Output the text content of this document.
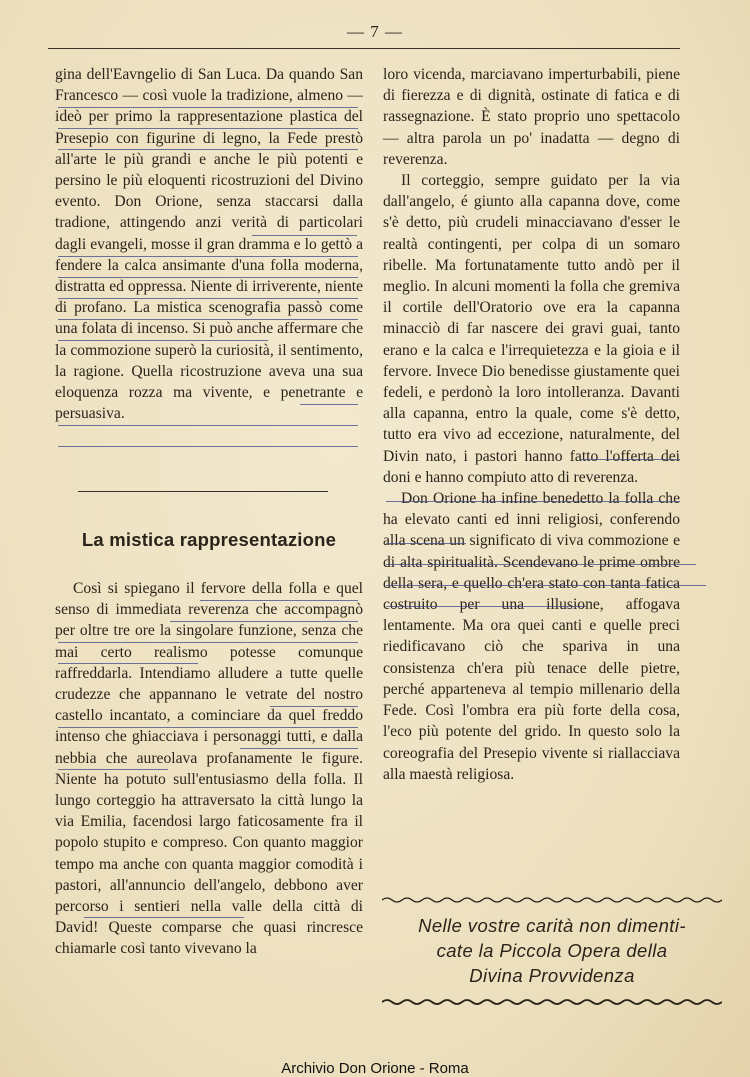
— 7 —

gina dell'Eavngelio di San Luca. Da quando San Francesco — così vuole la tradizione, almeno — ideò per primo la rappresentazione plastica del Presepio con figurine di legno, la Fede prestò all'arte le più grandi e anche le più potenti e persino le più eloquenti ricostruzioni del Divino evento. Don Orione, senza staccarsi dalla tradione, attingendo anzi verità di particolari dagli evangeli, mosse il gran dramma e lo gettò a fendere la calca ansimante d'una folla moderna, distratta ed oppressa. Niente di irriverente, niente di profano. La mistica scenografia passò come una folata di incenso. Si può anche affermare che la commozione superò la curiosità, il sentimento, la ragione. Quella ricostruzione aveva una sua eloquenza rozza ma vivente, e penetrante e persuasiva.

La mistica rappresentazione

Così si spiegano il fervore della folla e quel senso di immediata reverenza che accompagnò per oltre tre ore la singolare funzione, senza che mai certo realismo potesse comunque raffreddarla. Intendiamo alludere a tutte quelle crudezze che appannano le vetrate del nostro castello incantato, a cominciare da quel freddo intenso che ghiacciava i personaggi tutti, e dalla nebbia che aureolava profanamente le figure. Niente ha potuto sull'entusiasmo della folla. Il lungo corteggio ha attraversato la città lungo la via Emilia, facendosi largo faticosamente fra il popolo stupito e compreso. Con quanto maggior tempo ma anche con quanta maggior comodità i pastori, all'annuncio dell'angelo, debbono aver percorso i sentieri nella valle della città di David! Queste comparse che quasi rincresce chiamarle così tanto vivevano la

loro vicenda, marciavano imperturbabili, piene di fierezza e di dignità, ostinate di fatica e di rassegnazione. È stato proprio uno spettacolo — altra parola un po' inadatta — degno di reverenza.

Il corteggio, sempre guidato per la via dall'angelo, é giunto alla capanna dove, come s'è detto, più crudeli minacciavano d'esser le realtà contingenti, per colpa di un somaro ribelle. Ma fortunatamente tutto andò per il meglio. In alcuni momenti la folla che gremiva il cortile dell'Oratorio ove era la capanna minacciò di far nascere dei gravi guai, tanto erano e la calca e l'irrequietezza e la gioia e il fervore. Invece Dio benedisse giustamente quei fedeli, e perdonò la loro intolleranza. Davanti alla capanna, entro la quale, come s'è detto, tutto era vivo ad eccezione, naturalmente, del Divin nato, i pastori hanno fatto l'offerta dei doni e hanno compiuto atto di reverenza.

Don Orione ha infine benedetto la folla che ha elevato canti ed inni religiosi, conferendo alla scena un significato di viva commozione e di alta spiritualità. Scendevano le prime ombre della sera, e quello ch'era stato con tanta fatica costruito per una illusione, affogava lentamente. Ma ora quei canti e quelle preci riedificavano ciò che spariva in una consistenza ch'era più tenace delle pietre, perché apparteneva al tempio millenario della Fede. Così l'ombra era più forte della cosa, l'eco più potente del grido. In questo solo la coreografia del Presepio vivente si riallacciava alla maestà religiosa.

Nelle vostre carità non dimenti-
cate la Piccola Opera della
Divina Provvidenza
Archivio Don Orione - Roma
